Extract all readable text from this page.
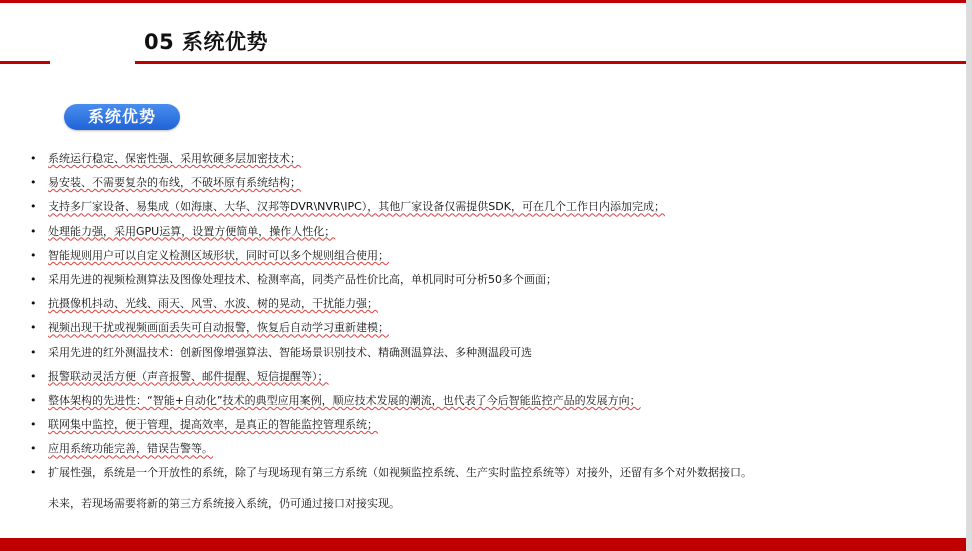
05 系统优势
系统优势
• 系统运行稳定、保密性强、采用软硬多层加密技术；
• 易安装、不需要复杂的布线，不破坏原有系统结构；
• 支持多厂家设备、易集成（如海康、大华、汉邦等DVR\NVR\IPC），其他厂家设备仅需提供SDK，可在几个工作日内添加完成；
• 处理能力强，采用GPU运算，设置方便简单，操作人性化；
• 智能规则用户可以自定义检测区域形状，同时可以多个规则组合使用；
• 采用先进的视频检测算法及图像处理技术、检测率高，同类产品性价比高，单机同时可分析50多个画面；
• 抗摄像机抖动、光线、雨天、风雪、水波、树的晃动，干扰能力强；
• 视频出现干扰或视频画面丢失可自动报警，恢复后自动学习重新建模；
• 采用先进的红外测温技术：创新图像增强算法、智能场景识别技术、精确测温算法、多种测温段可选
• 报警联动灵活方便（声音报警、邮件提醒、短信提醒等）；
• 整体架构的先进性：“智能+自动化”技术的典型应用案例，顺应技术发展的潮流，也代表了今后智能监控产品的发展方向；
• 联网集中监控，便于管理，提高效率，是真正的智能监控管理系统；
• 应用系统功能完善，错误告警等。
• 扩展性强，系统是一个开放性的系统，除了与现场现有第三方系统（如视频监控系统、生产实时监控系统等）对接外，还留有多个对外数据接口。

未来，若现场需要将新的第三方系统接入系统，仍可通过接口对接实现。
